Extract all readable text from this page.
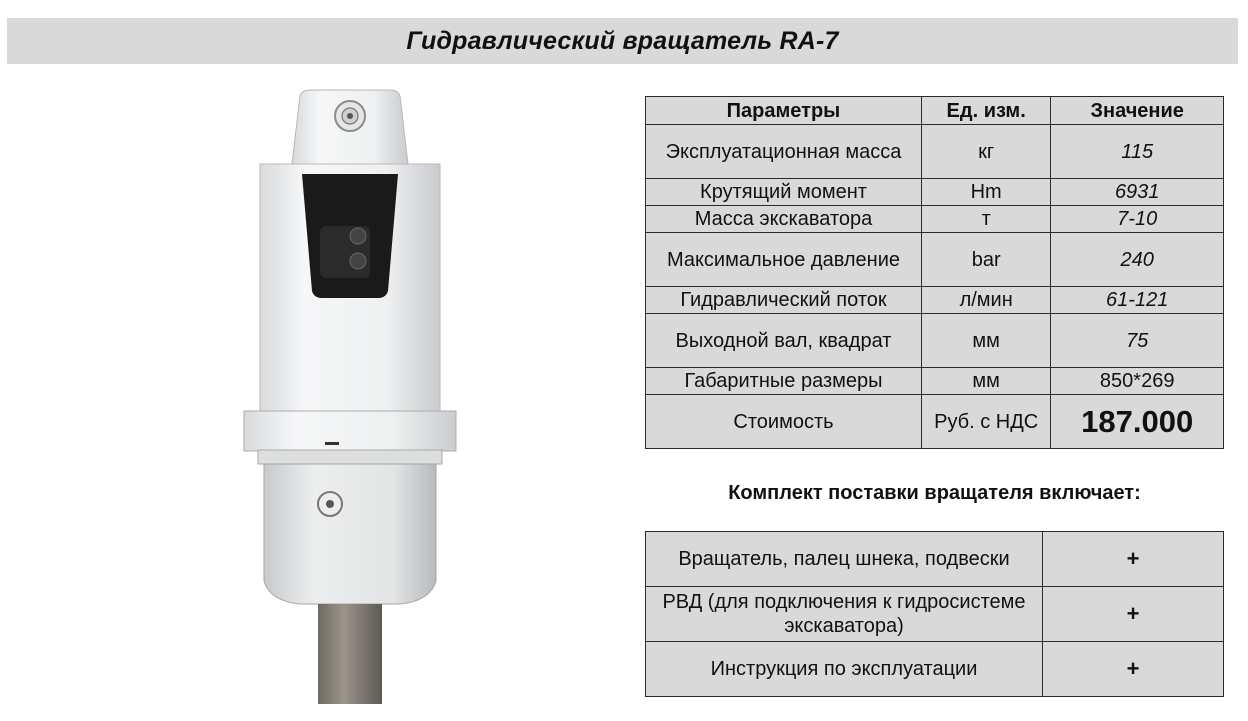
Гидравлический вращатель RA-7
Параметры	Ед. изм.	Значение
Эксплуатационная масса	кг	115
Крутящий момент	Hm	6931
Масса экскаватора	т	7-10
Максимальное давление	bar	240
Гидравлический поток	л/мин	61-121
Выходной вал, квадрат	мм	75
Габаритные размеры	мм	850*269
Стоимость	Руб. с НДС	187.000
Комплект поставки вращателя включает:
Вращатель, палец шнека, подвески	+
РВД (для подключения к гидросистеме экскаватора)	+
Инструкция по эксплуатации	+
